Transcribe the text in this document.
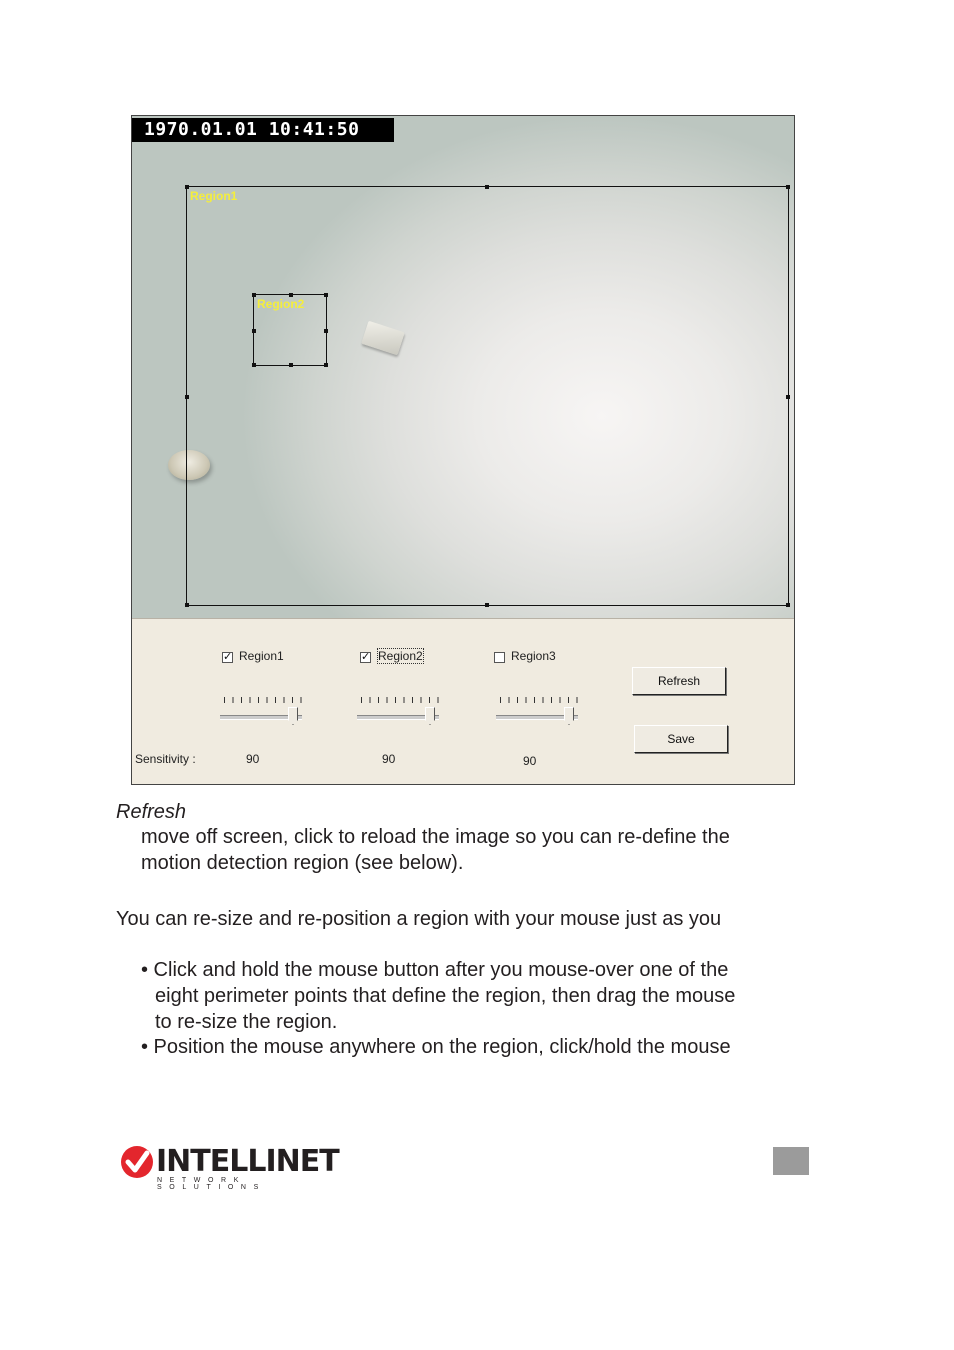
1970.01.01 10:41:50
Region1
Region2
✓ Region1	✓ Region2	Region3
Refresh
Save
Sensitivity :	90	90	90
Refresh
move off screen, click to reload the image so you can re-define the
motion detection region (see below).
You can re-size and re-position a region with your mouse just as you
• Click and hold the mouse button after you mouse-over one of the
eight perimeter points that define the region, then drag the mouse
to re-size the region.
• Position the mouse anywhere on the region, click/hold the mouse
INTELLINET
NETWORK SOLUTIONS
